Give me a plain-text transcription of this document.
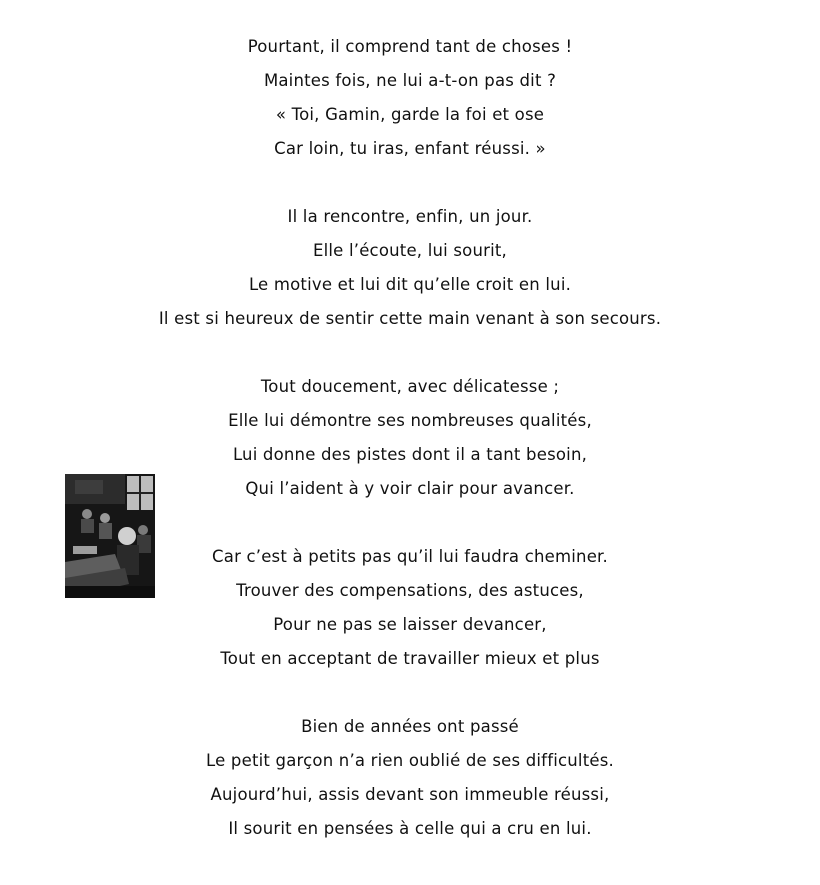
Pourtant, il comprend tant de choses !
Maintes fois, ne lui a-t-on pas dit ?
« Toi, Gamin, garde la foi et ose
Car loin, tu iras, enfant réussi. »
Il la rencontre, enfin, un jour.
Elle l’écoute, lui sourit,
Le motive et lui dit qu’elle croit en lui.
Il est si heureux de sentir cette main venant à son secours.
Tout doucement, avec délicatesse ;
Elle lui démontre ses nombreuses qualités,
Lui donne des pistes dont il a tant besoin,
Qui l’aident à y voir clair pour avancer.
Car c’est à petits pas qu’il lui faudra cheminer.
Trouver des compensations, des astuces,
Pour ne pas se laisser devancer,
Tout en acceptant de travailler mieux et plus
Bien de années ont passé
Le petit garçon n’a rien oublié de ses difficultés.
Aujourd’hui, assis devant son immeuble réussi,
Il sourit en pensées à celle qui a cru en lui.
